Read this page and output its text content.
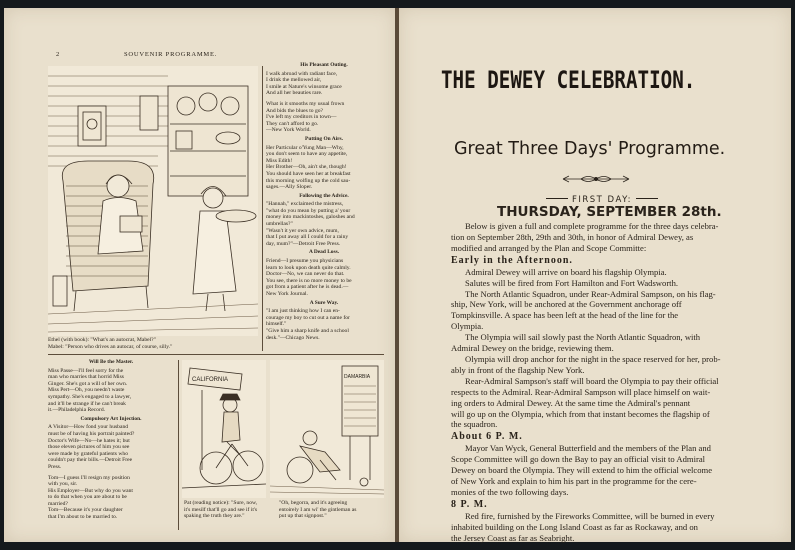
2	SOUVENIR PROGRAMME.
Ethel (with book): "What's an autocrat, Mabel?"
Mabel: "Person who drives an autocar, of course, silly."
His Pleasant Outing.
I walk abroad with radiant face,
I drink the mellowed air,
I smile at Nature's winsome grace
And all her beauties rare.
What is it smooths my usual frown
And bids the blues to go?
I've left my creditors in town—
They can't afford to go.
—New York World.
Putting On Airs.
Her Particular o'Yung Man—Why,
you don't seem to have any appetite,
Miss Edith!
Her Brother—Oh, ain't she, though!
You should have seen her at breakfast
this morning wolfing up the cold sau-
sages.—Ally Sloper.
Following the Advice.
"Hannah," exclaimed the mistress,
"what do you mean by putting a' your
money into mackintoshes, galoshes and
umbrellas?"
"Wasn't it yer own advice, mum,
that I put away all I could for a rainy
day, mum?"—Detroit Free Press.
A Dead Loss.
Friend—I presume you physicians
learn to look upon death quite calmly.
Doctor—No, we can never do that.
You see, there is no more money to be
got from a patient after he is dead.—
New York Journal.
A Sure Way.
"I am just thinking how I can en-
courage my boy to cut out a name for
himself."
"Give him a sharp knife and a school
desk."—Chicago News.
Will Be the Master.
Miss Passe—I'll feel sorry for the
man who marries that horrid Miss
Ginger. She's got a will of her own.
Miss Pert—Oh, you needn't waste
sympathy. She's engaged to a lawyer,
and it'll be strange if he can't break
it.—Philadelphia Record.
Compulsory Art Injection.
A Visitor—How fond your husband
must be of having his portrait painted?
Doctor's Wife—No—he hates it; but
those eleven pictures of him you see
were made by grateful patients who
couldn't pay their bills.—Detroit Free
Press.
Tom—I guess I'll resign my position
with you, sir.
His Employer—But why do you want
to do that when you are about to be
married?
Tom—Because it's your daughter
that I'm about to be married to.
CALIFORNIA	DAMARBIA
Pat (reading notice): "Sure, now,
it's mesilf that'll go and see if it's
spaking the truth they are."
"Oh, begorra, and it's agreeing
entoirely I am wi' the gintleman as
put up that signpost."
THE DEWEY CELEBRATION.
Great Three Days' Programme.
FIRST DAY:
THURSDAY, SEPTEMBER 28th.

Below is given a full and complete programme for the three days celebra-

tion on September 28th, 29th and 30th, in honor of Admiral Dewey, as

modified and arranged by the Plan and Scope Committe:

Early in the Afternoon.

Admiral Dewey will arrive on board his flagship Olympia.

Salutes will be fired from Fort Hamilton and Fort Wadsworth.

The North Atlantic Squadron, under Rear-Admiral Sampson, on his flag-

ship, New York, will be anchored at the Government anchorage off

Tompkinsville. A space has been left at the head of the line for the

Olympia.

The Olympia will sail slowly past the North Atlantic Squadron, with

Admiral Dewey on the bridge, reviewing them.

Olympia will drop anchor for the night in the space reserved for her, prob-

ably in front of the flagship New York.

Rear-Admiral Sampson's staff will board the Olympia to pay their official

respects to the Admiral. Rear-Admiral Sampson will place himself on wait-

ing orders to Admiral Dewey. At the same time the Admiral's pennant

will go up on the Olympia, which from that instant becomes the flagship of

the squadron.

About 6 P. M.

Mayor Van Wyck, General Butterfield and the members of the Plan and

Scope Committee will go down the Bay to pay an official visit to Admiral

Dewey on board the Olympia. They will extend to him the official welcome

of New York and explain to him his part in the programme for the cere-

monies of the two following days.

8 P. M.

Red fire, furnished by the Fireworks Committee, will be burned in every

inhabited building on the Long Island Coast as far as Rockaway, and on

the Jersey Coast as far as Seabright.
